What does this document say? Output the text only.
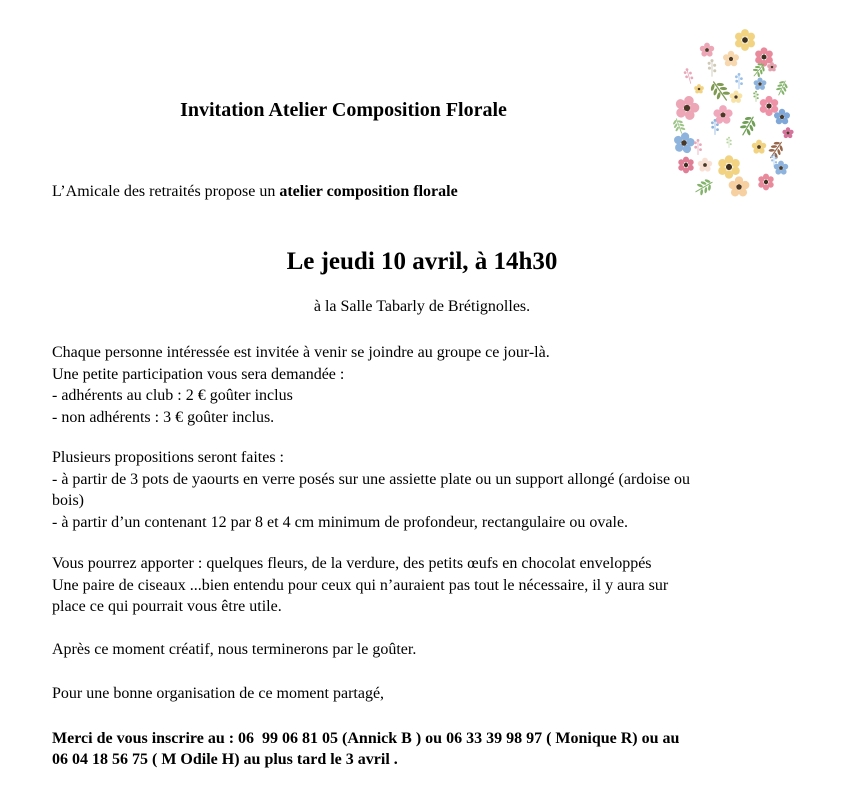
Invitation Atelier Composition Florale

L’Amicale des retraités propose un atelier composition florale

Le jeudi 10 avril, à 14h30

à la Salle Tabarly de Brétignolles.

Chaque personne intéressée est invitée à venir se joindre au groupe ce jour-là.
Une petite participation vous sera demandée :
- adhérents au club : 2 € goûter inclus
- non adhérents : 3 € goûter inclus.
Plusieurs propositions seront faites :
- à partir de 3 pots de yaourts en verre posés sur une assiette plate ou un support allongé (ardoise ou
bois)
- à partir d’un contenant 12 par 8 et 4 cm minimum de profondeur, rectangulaire ou ovale.
Vous pourrez apporter : quelques fleurs, de la verdure, des petits œufs en chocolat enveloppés
Une paire de ciseaux ...bien entendu pour ceux qui n’auraient pas tout le nécessaire, il y aura sur
place ce qui pourrait vous être utile.
Après ce moment créatif, nous terminerons par le goûter.
Pour une bonne organisation de ce moment partagé,
Merci de vous inscrire au : 06  99 06 81 05 (Annick B ) ou 06 33 39 98 97 ( Monique R) ou au
06 04 18 56 75 ( M Odile H) au plus tard le 3 avril .
